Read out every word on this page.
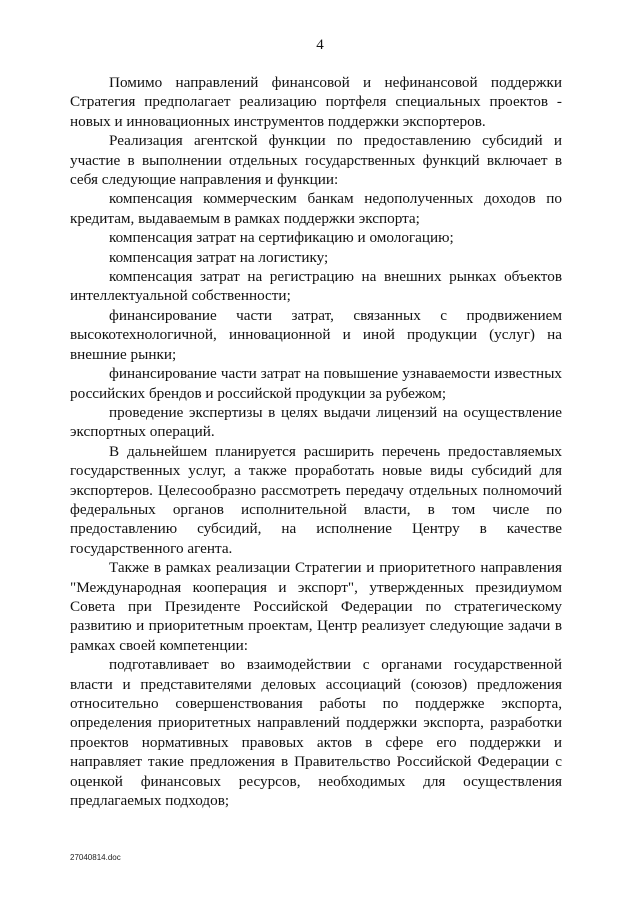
4

Помимо направлений финансовой и нефинансовой поддержки Стратегия предполагает реализацию портфеля специальных проектов - новых и инновационных инструментов поддержки экспортеров.

Реализация агентской функции по предоставлению субсидий и участие в выполнении отдельных государственных функций включает в себя следующие направления и функции:

компенсация коммерческим банкам недополученных доходов по кредитам, выдаваемым в рамках поддержки экспорта;

компенсация затрат на сертификацию и омологацию;

компенсация затрат на логистику;

компенсация затрат на регистрацию на внешних рынках объектов интеллектуальной собственности;

финансирование части затрат, связанных с продвижением высокотехнологичной, инновационной и иной продукции (услуг) на внешние рынки;

финансирование части затрат на повышение узнаваемости известных российских брендов и российской продукции за рубежом;

проведение экспертизы в целях выдачи лицензий на осуществление экспортных операций.

В дальнейшем планируется расширить перечень предоставляемых государственных услуг, а также проработать новые виды субсидий для экспортеров. Целесообразно рассмотреть передачу отдельных полномочий федеральных органов исполнительной власти, в том числе по предоставлению субсидий, на исполнение Центру в качестве государственного агента.

Также в рамках реализации Стратегии и приоритетного направления "Международная кооперация и экспорт", утвержденных президиумом Совета при Президенте Российской Федерации по стратегическому развитию и приоритетным проектам, Центр реализует следующие задачи в рамках своей компетенции:

подготавливает во взаимодействии с органами государственной власти и представителями деловых ассоциаций (союзов) предложения относительно совершенствования работы по поддержке экспорта, определения приоритетных направлений поддержки экспорта, разработки проектов нормативных правовых актов в сфере его поддержки и направляет такие предложения в Правительство Российской Федерации с оценкой финансовых ресурсов, необходимых для осуществления предлагаемых подходов;

27040814.doc
